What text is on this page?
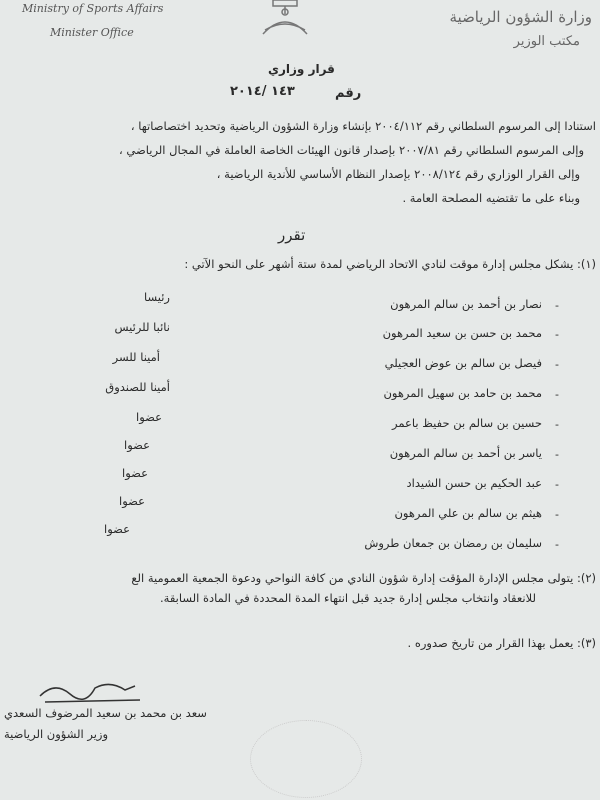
Ministry of Sports Affairs
Minister Office
وزارة الشؤون الرياضية
مكتب الوزير
قرار وزاري
١٤٣ /٢٠١٤	رقم
استنادا إلى المرسوم السلطاني رقم ٢٠٠٤/١١٢ بإنشاء وزارة الشؤون الرياضية وتحديد اختصاصاتها ،
وإلى المرسوم السلطاني رقم ٢٠٠٧/٨١ بإصدار قانون الهيئات الخاصة العاملة في المجال الرياضي ،
وإلى القرار الوزاري رقم ٢٠٠٨/١٢٤ بإصدار النظام الأساسي للأندية الرياضية ،
وبناء على ما تقتضيه المصلحة العامة .
تقرر
(١): يشكل مجلس إدارة موقت لنادي الاتحاد الرياضي لمدة ستة أشهر على النحو الآتي :
-
نصار بن أحمد بن سالم المرهون
رئيسا
-
محمد بن حسن بن سعيد المرهون
نائبا للرئيس
-
فيصل بن سالم بن عوض العجيلي
أمينا للسر
-
محمد بن حامد بن سهيل المرهون
أمينا للصندوق
-
حسين بن سالم بن حفيظ باعمر
عضوا
-
ياسر بن أحمد بن سالم المرهون
عضوا
-
عبد الحكيم بن حسن الشيداد
عضوا
-
هيثم بن سالم بن علي المرهون
عضوا
-
سليمان بن رمضان بن جمعان طروش
عضوا
(٢): يتولى مجلس الإدارة المؤقت إدارة شؤون النادي من كافة النواحي ودعوة الجمعية العمومية الع
للانعقاد وانتخاب مجلس إدارة جديد قبل انتهاء المدة المحددة في المادة السابقة.
(٣): يعمل بهذا القرار من تاريخ صدوره .
سعد بن محمد بن سعيد المرضوف السعدي
وزير الشؤون الرياضية
